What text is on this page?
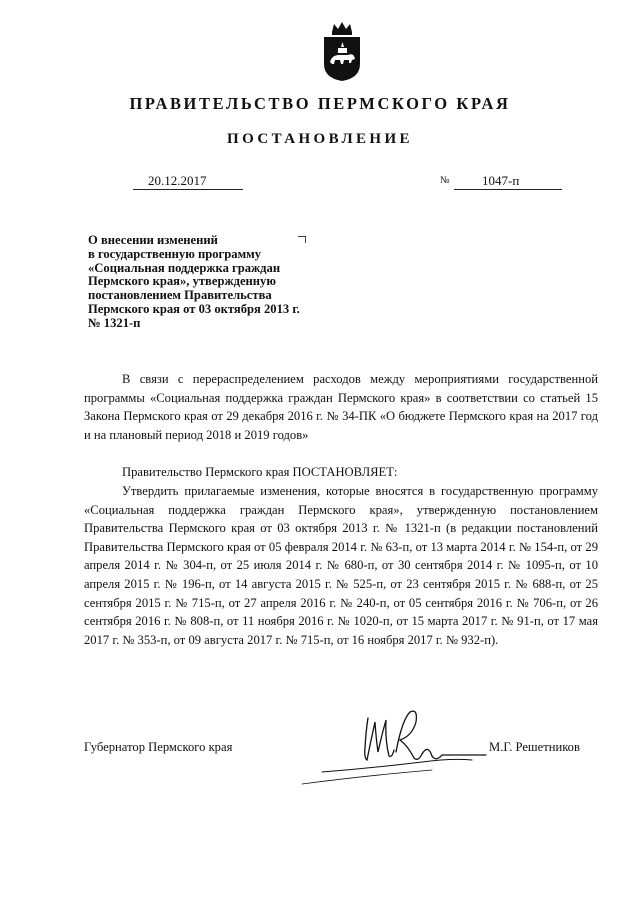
ПРАВИТЕЛЬСТВО ПЕРМСКОГО КРАЯ
ПОСТАНОВЛЕНИЕ
20.12.2017	№ 1047-п
О внесении изменений
в государственную программу
«Социальная поддержка граждан
Пермского края», утвержденную
постановлением Правительства
Пермского края от 03 октября 2013 г.
№ 1321-п
В связи с перераспределением расходов между мероприятиями государственной программы «Социальная поддержка граждан Пермского края» в соответствии со статьей 15 Закона Пермского края от 29 декабря 2016 г. № 34-ПК «О бюджете Пермского края на 2017 год и на плановый период 2018 и 2019 годов»
Правительство Пермского края ПОСТАНОВЛЯЕТ:
Утвердить прилагаемые изменения, которые вносятся в государственную программу «Социальная поддержка граждан Пермского края», утвержденную постановлением Правительства Пермского края от 03 октября 2013 г. № 1321-п (в редакции постановлений Правительства Пермского края от 05 февраля 2014 г. № 63-п, от 13 марта 2014 г. № 154-п, от 29 апреля 2014 г. № 304-п, от 25 июля 2014 г. № 680-п, от 30 сентября 2014 г. № 1095-п, от 10 апреля 2015 г. № 196-п, от 14 августа 2015 г. № 525-п, от 23 сентября 2015 г. № 688-п, от 25 сентября 2015 г. № 715-п, от 27 апреля 2016 г. № 240-п, от 05 сентября 2016 г. № 706-п, от 26 сентября 2016 г. № 808-п, от 11 ноября 2016 г. № 1020-п, от 15 марта 2017 г. № 91-п, от 17 мая 2017 г. № 353-п, от 09 августа 2017 г. № 715-п, от 16 ноября 2017 г. № 932-п).
Губернатор Пермского края	М.Г. Решетников
